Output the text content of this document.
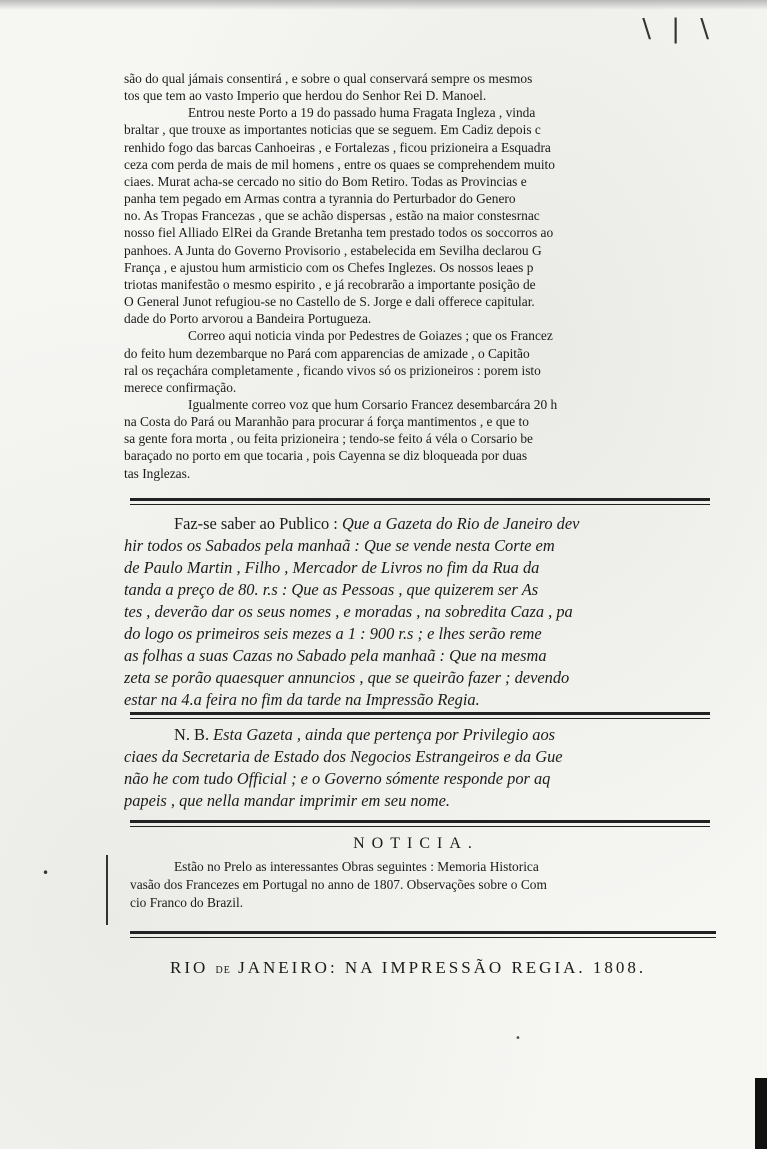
\ | \
•
•
são do qual jámais consentirá , e sobre o qual conservará sempre os mesmos
tos que tem ao vasto Imperio que herdou do Senhor Rei D. Manoel.
Entrou neste Porto a 19 do passado huma Fragata Ingleza , vinda
braltar , que trouxe as importantes noticias que se seguem. Em Cadiz depois c
renhido fogo das barcas Canhoeiras , e Fortalezas , ficou prizioneira a Esquadra
ceza com perda de mais de mil homens , entre os quaes se comprehendem muito
ciaes. Murat acha-se cercado no sitio do Bom Retiro. Todas as Provincias e
panha tem pegado em Armas contra a tyrannia do Perturbador do Genero
no. As Tropas Francezas , que se achão dispersas , estão na maior constesrnac
nosso fiel Alliado ElRei da Grande Bretanha tem prestado todos os soccorros ao
panhoes. A Junta do Governo Provisorio , estabelecida em Sevilha declarou G
França , e ajustou hum armisticio com os Chefes Inglezes. Os nossos leaes p
triotas manifestão o mesmo espirito , e já recobrarão a importante posição de
O General Junot refugiou-se no Castello de S. Jorge e dali offerece capitular.
dade do Porto arvorou a Bandeira Portugueza.
Correo aqui noticia vinda por Pedestres de Goiazes ; que os Francez
do feito hum dezembarque no Pará com apparencias de amizade , o Capitão
ral os reçachára completamente , ficando vivos só os prizioneiros : porem isto
merece confirmação.
Igualmente correo voz que hum Corsario Francez desembarcára 20 h
na Costa do Pará ou Maranhão para procurar á força mantimentos , e que to
sa gente fora morta , ou feita prizioneira ; tendo-se feito á véla o Corsario be
baraçado no porto em que tocaria , pois Cayenna se diz bloqueada por duas
tas Inglezas.
Faz-se saber ao Publico : Que a Gazeta do Rio de Janeiro dev
hir todos os Sabados pela manhaã : Que se vende nesta Corte em
de Paulo Martin , Filho , Mercador de Livros no fim da Rua da
tanda a preço de 80. r.s : Que as Pessoas , que quizerem ser As
tes , deverão dar os seus nomes , e moradas , na sobredita Caza , pa
do logo os primeiros seis mezes a 1 : 900 r.s ; e lhes serão reme
as folhas a suas Cazas no Sabado pela manhaã : Que na mesma
zeta se porão quaesquer annuncios , que se queirão fazer ; devendo
estar na 4.a feira no fim da tarde na Impressão Regia.
N. B. Esta Gazeta , ainda que pertença por Privilegio aos
ciaes da Secretaria de Estado dos Negocios Estrangeiros e da Gue
não he com tudo Official ; e o Governo sómente responde por aq
papeis , que nella mandar imprimir em seu nome.
NOTICIA.
Estão no Prelo as interessantes Obras seguintes : Memoria Historica
vasão dos Francezes em Portugal no anno de 1807. Observações sobre o Com
cio Franco do Brazil.
RIO DE JANEIRO: NA IMPRESSÃO REGIA. 1808.
